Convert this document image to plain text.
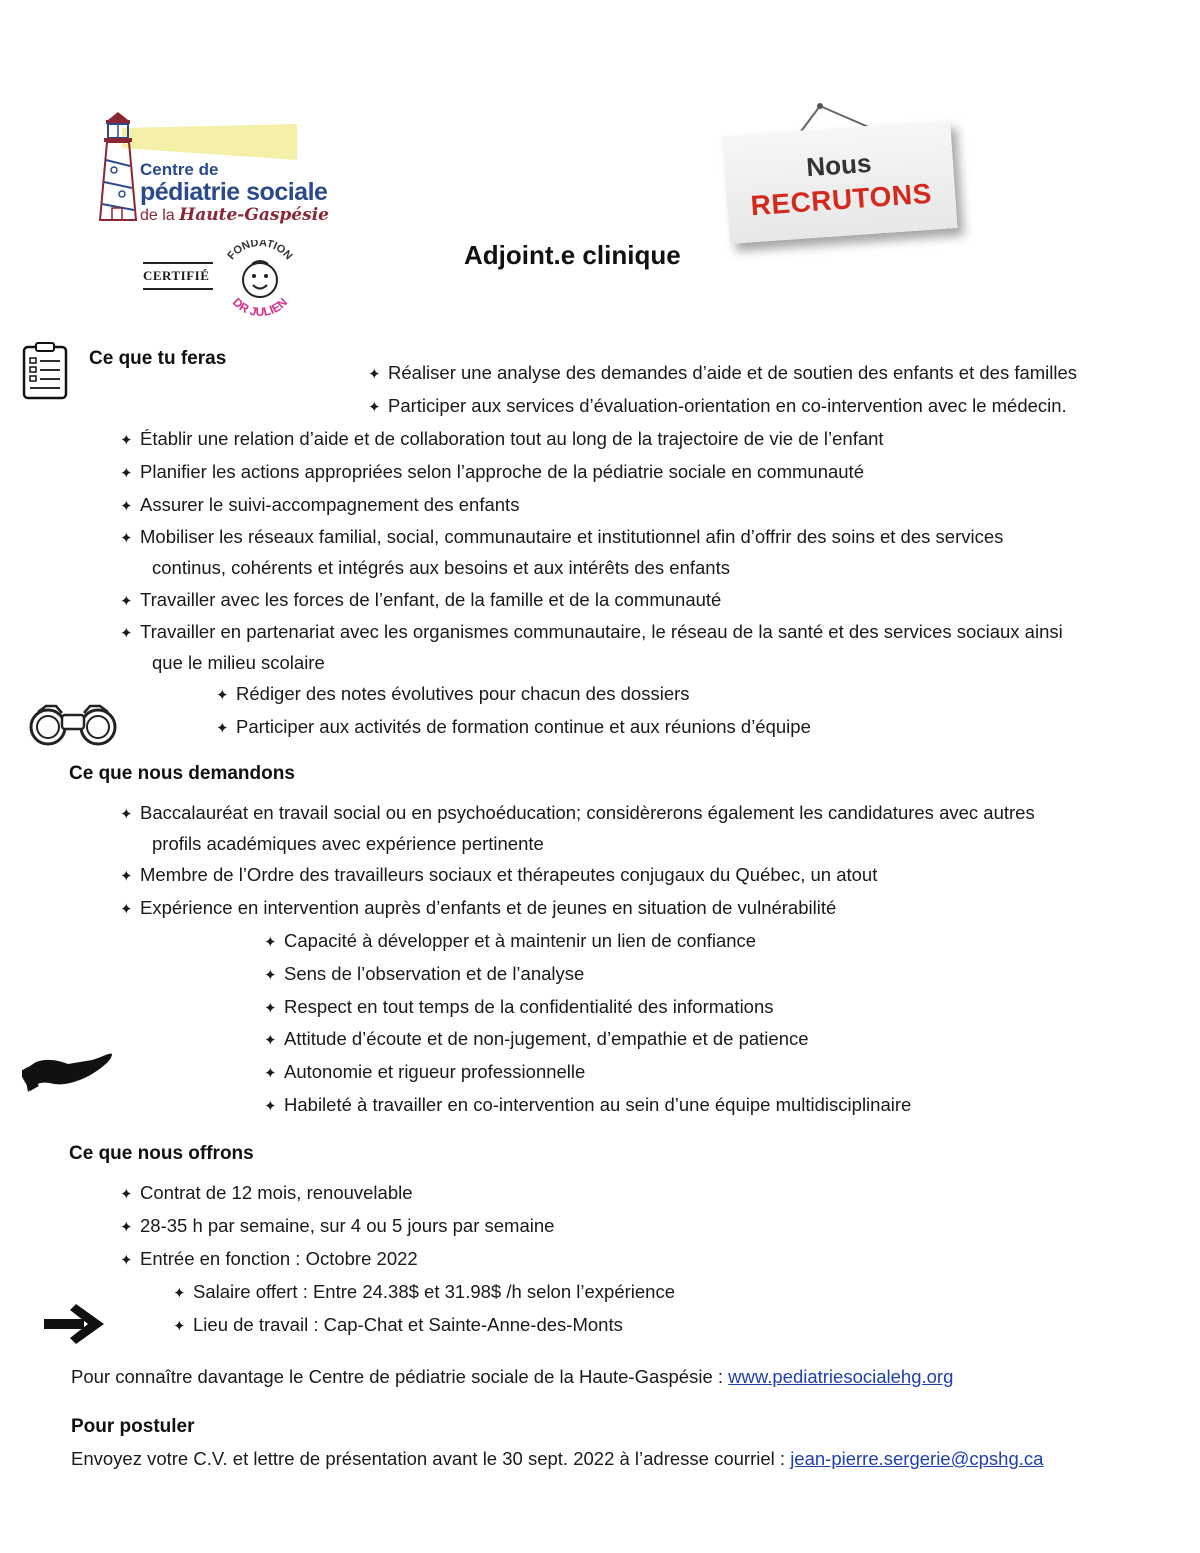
Centre de
pédiatrie sociale
de la Haute-Gaspésie
CERTIFIÉ
FONDATION
DR JULIEN
Nous
RECRUTONS
Adjoint.e clinique
Ce que tu feras
✦ Réaliser une analyse des demandes d’aide et de soutien des enfants et des familles
✦ Participer aux services d’évaluation-orientation en co-intervention avec le médecin.
✦ Établir une relation d’aide et de collaboration tout au long de la trajectoire de vie de l’enfant
✦ Planifier les actions appropriées selon l’approche de la pédiatrie sociale en communauté
✦ Assurer le suivi-accompagnement des enfants
✦ Mobiliser les réseaux familial, social, communautaire et institutionnel afin d’offrir des soins et des services
continus, cohérents et intégrés aux besoins et aux intérêts des enfants
✦ Travailler avec les forces de l’enfant, de la famille et de la communauté
✦ Travailler en partenariat avec les organismes communautaire, le réseau de la santé et des services sociaux ainsi
que le milieu scolaire
✦ Rédiger des notes évolutives pour chacun des dossiers
✦ Participer aux activités de formation continue et aux réunions d’équipe
Ce que nous demandons
✦ Baccalauréat en travail social ou en psychoéducation; considèrerons également les candidatures avec autres
profils académiques avec expérience pertinente
✦ Membre de l’Ordre des travailleurs sociaux et thérapeutes conjugaux du Québec, un atout
✦ Expérience en intervention auprès d’enfants et de jeunes en situation de vulnérabilité
✦ Capacité à développer et à maintenir un lien de confiance
✦ Sens de l’observation et de l’analyse
✦ Respect en tout temps de la confidentialité des informations
✦ Attitude d’écoute et de non-jugement, d’empathie et de patience
✦ Autonomie et rigueur professionnelle
✦ Habileté à travailler en co-intervention au sein d’une équipe multidisciplinaire
Ce que nous offrons
✦ Contrat de 12 mois, renouvelable
✦ 28-35 h par semaine, sur 4 ou 5 jours par semaine
✦ Entrée en fonction : Octobre 2022
✦ Salaire offert : Entre 24.38$ et 31.98$ /h selon l’expérience
✦ Lieu de travail : Cap-Chat et Sainte-Anne-des-Monts
Pour connaître davantage le Centre de pédiatrie sociale de la Haute-Gaspésie : www.pediatriesocialehg.org
Pour postuler
Envoyez votre C.V. et lettre de présentation avant le 30 sept. 2022 à l’adresse courriel : jean-pierre.sergerie@cpshg.ca
